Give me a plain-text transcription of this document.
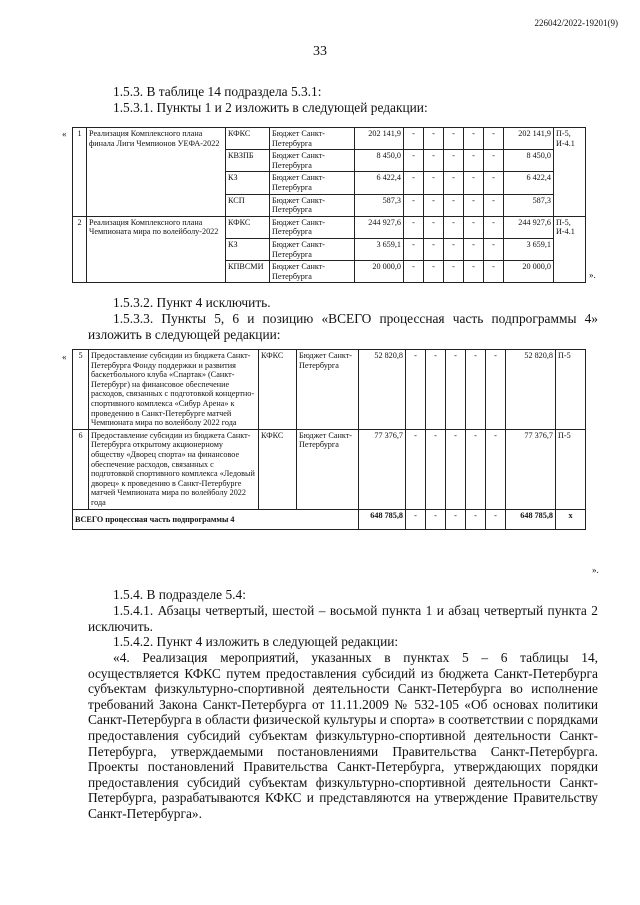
226042/2022-19201(9)
33
1.5.3. В таблице 14 подраздела 5.3.1:
1.5.3.1. Пункты 1 и 2 изложить в следующей редакции:
« 1	Реализация Комплексного плана финала Лиги Чемпионов УЕФА-2022	КФКС	Бюджет Санкт-Петербурга	202 141,9	-	-	-	-	-	202 141,9	П-5, И-4.1
		КВЗПБ	Бюджет Санкт-Петербурга	8 450,0	-	-	-	-	-	8 450,0	
		КЗ	Бюджет Санкт-Петербурга	6 422,4	-	-	-	-	-	6 422,4	
		КСП	Бюджет Санкт-Петербурга	587,3	-	-	-	-	-	587,3	
2	Реализация Комплексного плана Чемпионата мира по волейболу-2022	КФКС	Бюджет Санкт-Петербурга	244 927,6	-	-	-	-	-	244 927,6	П-5, И-4.1
		КЗ	Бюджет Санкт-Петербурга	3 659,1	-	-	-	-	-	3 659,1	
		КПВСМИ	Бюджет Санкт-Петербурга	20 000,0	-	-	-	-	-	20 000,0	
».
1.5.3.2. Пункт 4 исключить.
1.5.3.3. Пункты 5, 6 и позицию «ВСЕГО процессная часть подпрограммы 4» изложить в следующей редакции:
« 5	Предоставление субсидии из бюджета Санкт-Петербурга Фонду поддержки и развития баскетбольного клуба «Спартак» (Санкт-Петербург) на финансовое обеспечение расходов, связанных с подготовкой концертно-спортивного комплекса «Сибур Арена» к проведению в Санкт-Петербурге матчей Чемпионата мира по волейболу 2022 года	КФКС	Бюджет Санкт-Петербурга	52 820,8	-	-	-	-	-	52 820,8	П-5
6	Предоставление субсидии из бюджета Санкт-Петербурга открытому акционерному обществу «Дворец спорта» на финансовое обеспечение расходов, связанных с подготовкой спортивного комплекса «Ледовый дворец» к проведению в Санкт-Петербурге матчей Чемпионата мира по волейболу 2022 года	КФКС	Бюджет Санкт-Петербурга	77 376,7	-	-	-	-	-	77 376,7	П-5
ВСЕГО процессная часть подпрограммы 4				648 785,8	-	-	-	-	-	648 785,8	х
».
1.5.4. В подразделе 5.4:
1.5.4.1. Абзацы четвертый, шестой – восьмой пункта 1 и абзац четвертый пункта 2 исключить.
1.5.4.2. Пункт 4 изложить в следующей редакции:
«4. Реализация мероприятий, указанных в пунктах 5 – 6 таблицы 14, осуществляется КФКС путем предоставления субсидий из бюджета Санкт-Петербурга субъектам физкультурно-спортивной деятельности Санкт-Петербурга во исполнение требований Закона Санкт-Петербурга от 11.11.2009 № 532-105 «Об основах политики Санкт-Петербурга в области физической культуры и спорта» в соответствии с порядками предоставления субсидий субъектам физкультурно-спортивной деятельности Санкт-Петербурга, утверждаемыми постановлениями Правительства Санкт-Петербурга. Проекты постановлений Правительства Санкт-Петербурга, утверждающих порядки предоставления субсидий субъектам физкультурно-спортивной деятельности Санкт-Петербурга, разрабатываются КФКС и представляются на утверждение Правительству Санкт-Петербурга».
